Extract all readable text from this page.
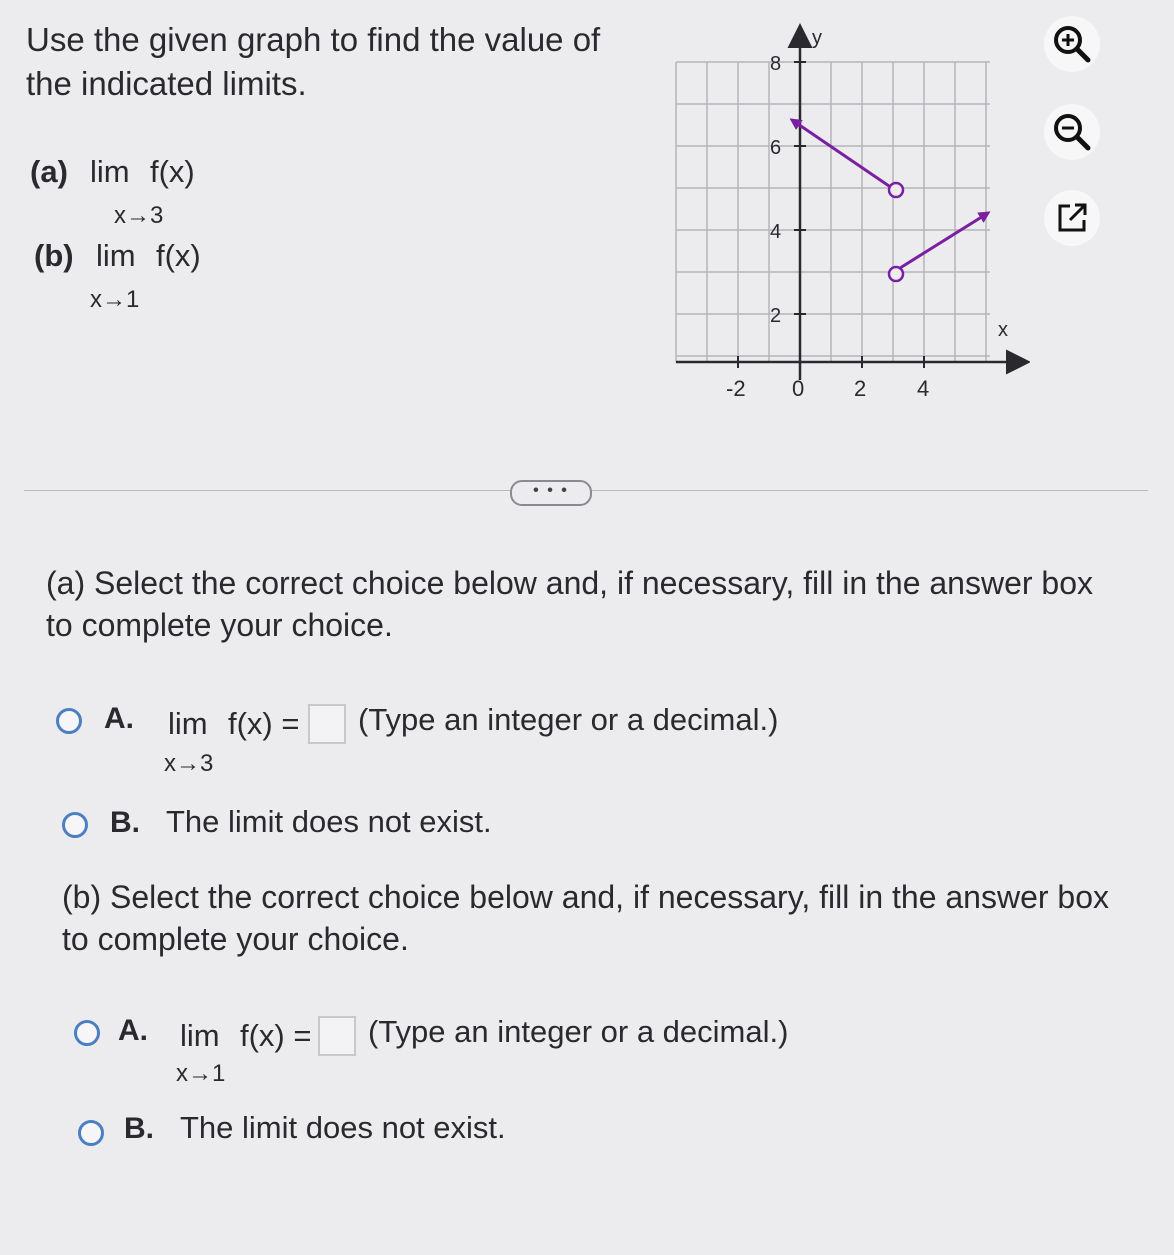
Use the given graph to find the value of
the indicated limits.
(a) lim f(x)
x→3
(b) lim f(x)
x→1
8
6
4
2
-2 0 2 4
x
y
• • •
(a) Select the correct choice below and, if necessary, fill in the answer box
to complete your choice.
A. lim f(x) =
x→3
(Type an integer or a decimal.)
B. The limit does not exist.
(b) Select the correct choice below and, if necessary, fill in the answer box
to complete your choice.
A. lim f(x) =
x→1
(Type an integer or a decimal.)
B. The limit does not exist.
